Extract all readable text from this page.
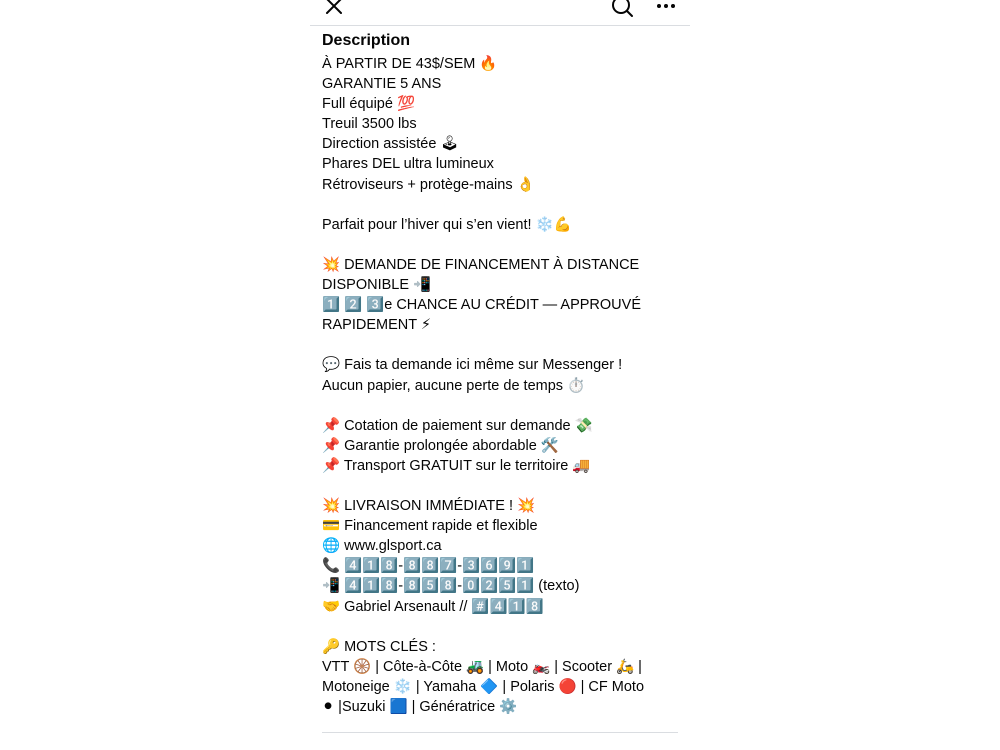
Description
À PARTIR DE 43$/SEM 🔥
GARANTIE 5 ANS
Full équipé 💯
Treuil 3500 lbs
Direction assistée 🕹
Phares DEL ultra lumineux
Rétroviseurs + protège-mains 👌
Parfait pour l’hiver qui s’en vient! ❄️💪
💥 DEMANDE DE FINANCEMENT À DISTANCE
DISPONIBLE 📲
1️⃣ 2️⃣ 3️⃣e CHANCE AU CRÉDIT — APPROUVÉ
RAPIDEMENT ⚡
💬 Fais ta demande ici même sur Messenger !
Aucun papier, aucune perte de temps ⏱️
📌 Cotation de paiement sur demande 💸
📌 Garantie prolongée abordable 🛠️
📌 Transport GRATUIT sur le territoire 🚚
💥 LIVRAISON IMMÉDIATE ! 💥
💳 Financement rapide et flexible
🌐 www.glsport.ca
📞 4️⃣1️⃣8️⃣-8️⃣8️⃣7️⃣-3️⃣6️⃣9️⃣1️⃣
📲 4️⃣1️⃣8️⃣-8️⃣5️⃣8️⃣-0️⃣2️⃣5️⃣1️⃣ (texto)
🤝 Gabriel Arsenault // #️⃣4️⃣1️⃣8️⃣
🔑 MOTS CLÉS :
VTT 🛞 | Côte-à-Côte 🚜 | Moto 🏍️ | Scooter 🛵 |
Motoneige ❄️ | Yamaha 🔷 | Polaris 🔴 | CF Moto
⚫ |Suzuki 🟦 | Génératrice ⚙️
